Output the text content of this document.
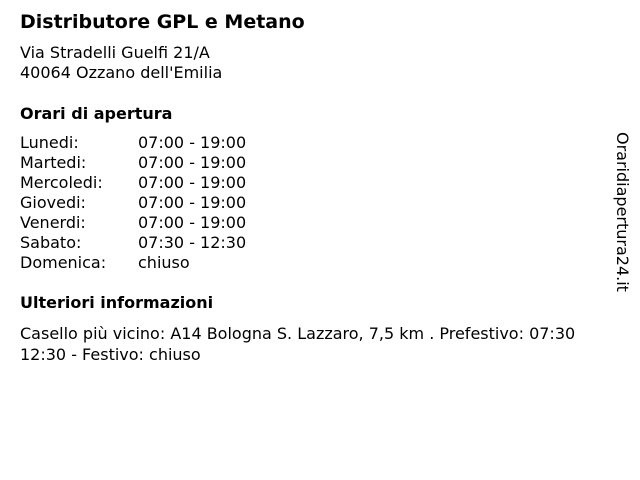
Distributore GPL e Metano
Via Stradelli Guelfi 21/A
40064 Ozzano dell'Emilia
Orari di apertura
Lunedi:	07:00 - 19:00
Martedi:	07:00 - 19:00
Mercoledi: 07:00 - 19:00
Giovedi:	07:00 - 19:00
Venerdi:	07:00 - 19:00
Sabato:	07:30 - 12:30
Domenica: chiuso
Ulteriori informazioni
Casello più vicino: A14 Bologna S. Lazzaro, 7,5 km . Prefestivo: 07:30 12:30 - Festivo: chiuso
Oraridiapertura24.it
